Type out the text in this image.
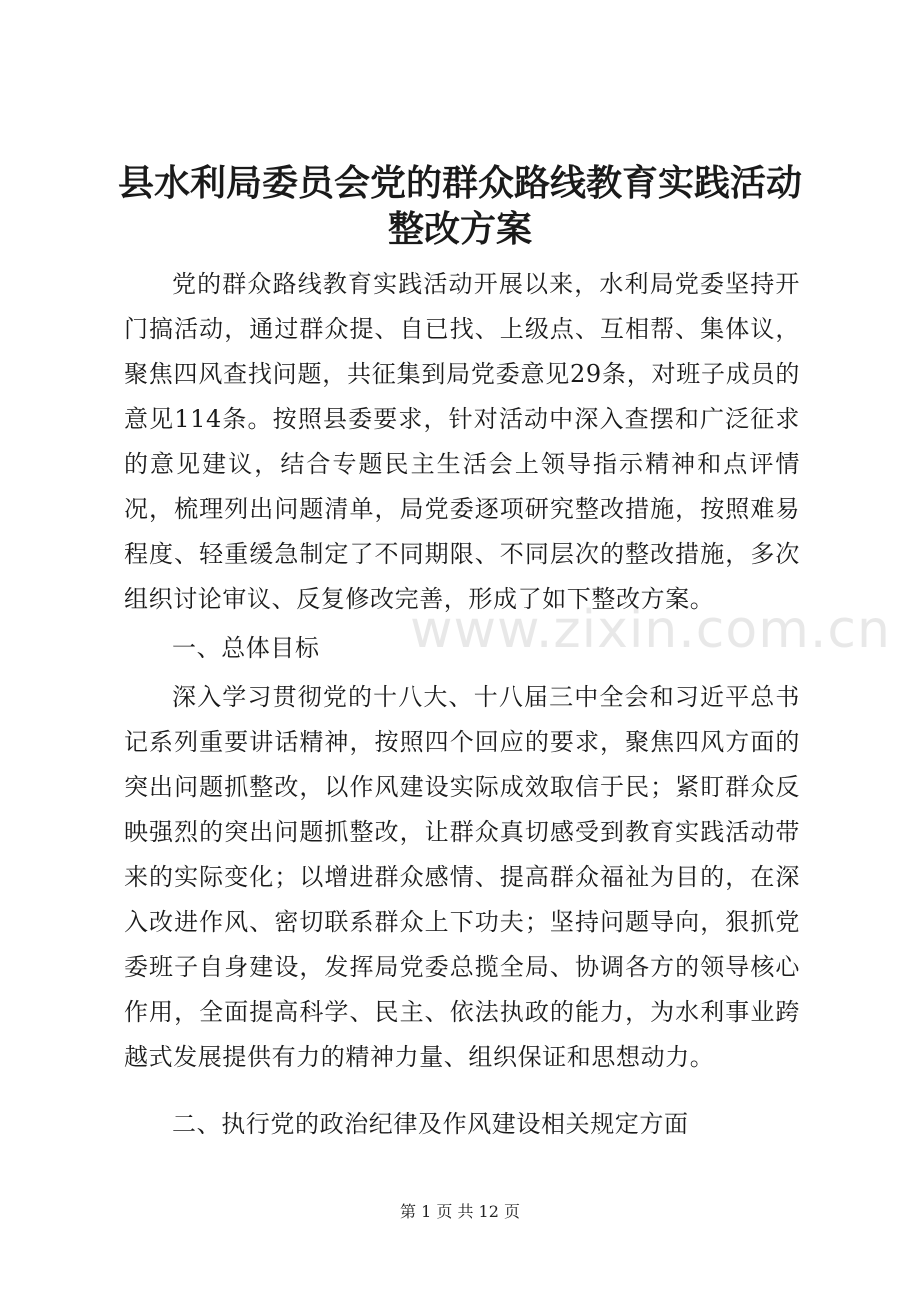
县水利局委员会党的群众路线教育实践活动整改方案

党的群众路线教育实践活动开展以来，水利局党委坚持开门搞活动，通过群众提、自已找、上级点、互相帮、集体议，聚焦四风查找问题，共征集到局党委意见29条，对班子成员的意见114条。按照县委要求，针对活动中深入查摆和广泛征求的意见建议，结合专题民主生活会上领导指示精神和点评情况，梳理列出问题清单，局党委逐项研究整改措施，按照难易程度、轻重缓急制定了不同期限、不同层次的整改措施，多次组织讨论审议、反复修改完善，形成了如下整改方案。

一、总体目标

深入学习贯彻党的十八大、十八届三中全会和习近平总书记系列重要讲话精神，按照四个回应的要求，聚焦四风方面的突出问题抓整改，以作风建设实际成效取信于民；紧盯群众反映强烈的突出问题抓整改，让群众真切感受到教育实践活动带来的实际变化；以增进群众感情、提高群众福祉为目的，在深入改进作风、密切联系群众上下功夫；坚持问题导向，狠抓党委班子自身建设，发挥局党委总揽全局、协调各方的领导核心作用，全面提高科学、民主、依法执政的能力，为水利事业跨越式发展提供有力的精神力量、组织保证和思想动力。

二、执行党的政治纪律及作风建设相关规定方面

www.zixin.com.cn
第 1 页 共 12 页
